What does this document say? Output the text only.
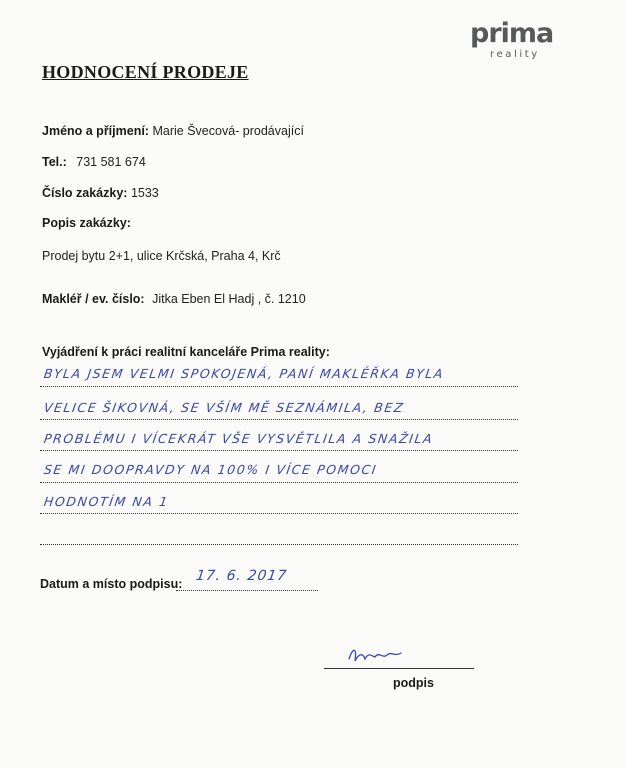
prima
reality
HODNOCENÍ PRODEJE
Jméno a příjmení: Marie Švecová- prodávající
Tel.: 731 581 674
Číslo zakázky: 1533
Popis zakázky:
Prodej bytu 2+1, ulice Krčská, Praha 4, Krč
Makléř / ev. číslo: Jitka Eben El Hadj , č. 1210
Vyjádření k práci realitní kanceláře Prima reality:
BYLA JSEM VELMI SPOKOJENÁ, PANÍ MAKLÉŘKA BYLA
VELICE ŠIKOVNÁ, SE VŠÍM MĚ SEZNÁMILA, BEZ
PROBLÉMU I VÍCEKRÁT VŠE VYSVĚTLILA A SNAŽILA
SE MI DOOPRAVDY NA 100% I VÍCE POMOCI
HODNOTÍM NA 1
Datum a místo podpisu: 17. 6. 2017
podpis
